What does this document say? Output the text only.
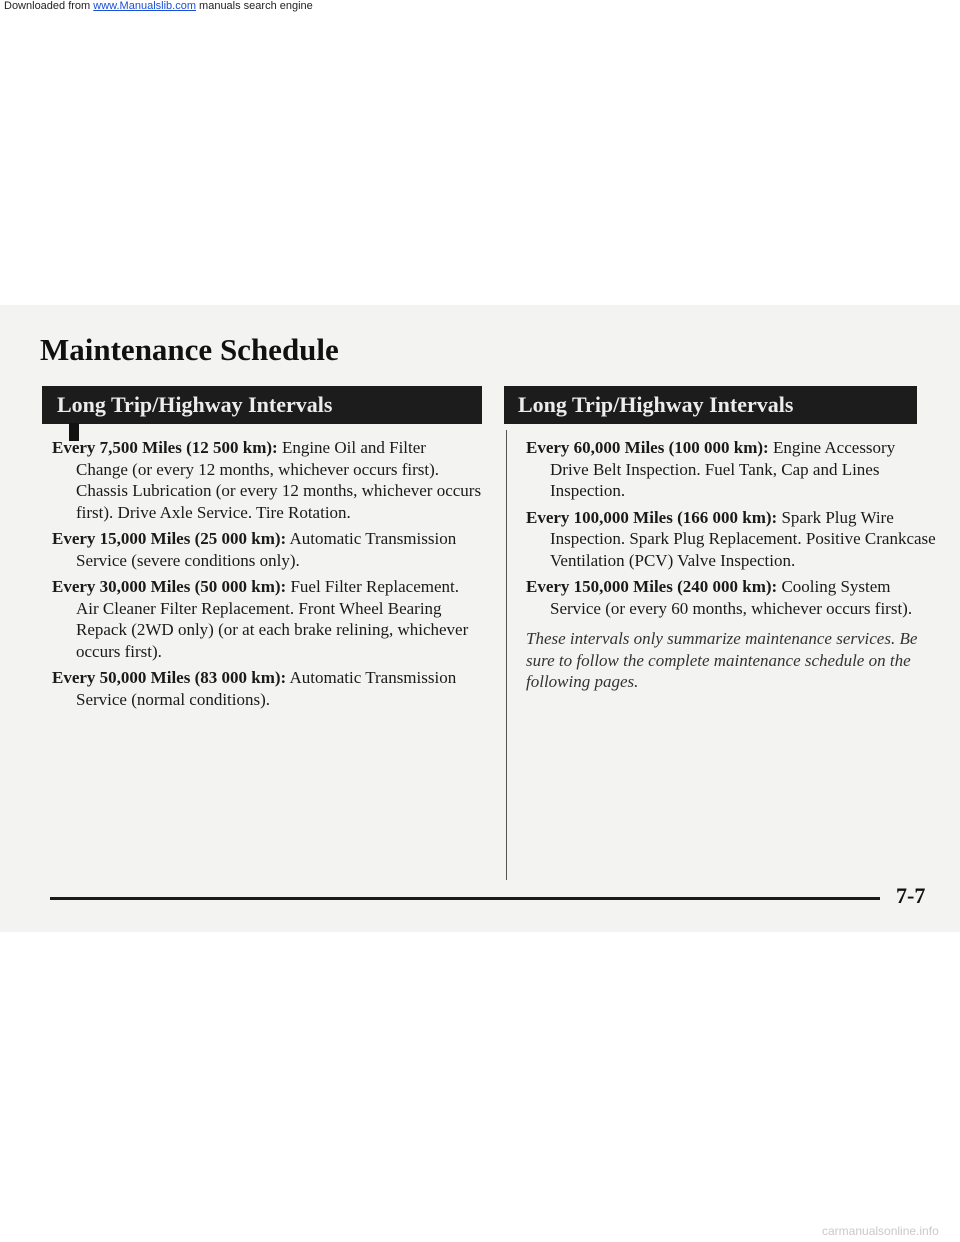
Downloaded from www.Manualslib.com manuals search engine
Maintenance Schedule
Long Trip/Highway Intervals	Long Trip/Highway Intervals

Every 7,500 Miles (12 500 km): Engine Oil and Filter Change (or every 12 months, whichever occurs first). Chassis Lubrication (or every 12 months, whichever occurs first). Drive Axle Service. Tire Rotation.

Every 15,000 Miles (25 000 km): Automatic Transmission Service (severe conditions only).

Every 30,000 Miles (50 000 km): Fuel Filter Replacement. Air Cleaner Filter Replacement. Front Wheel Bearing Repack (2WD only) (or at each brake relining, whichever occurs first).

Every 50,000 Miles (83 000 km): Automatic Transmission Service (normal conditions).

Every 60,000 Miles (100 000 km): Engine Accessory Drive Belt Inspection. Fuel Tank, Cap and Lines Inspection.

Every 100,000 Miles (166 000 km): Spark Plug Wire Inspection. Spark Plug Replacement. Positive Crankcase Ventilation (PCV) Valve Inspection.

Every 150,000 Miles (240 000 km): Cooling System Service (or every 60 months, whichever occurs first).

These intervals only summarize maintenance services. Be sure to follow the complete maintenance schedule on the following pages.

7-7
carmanualsonline.info
